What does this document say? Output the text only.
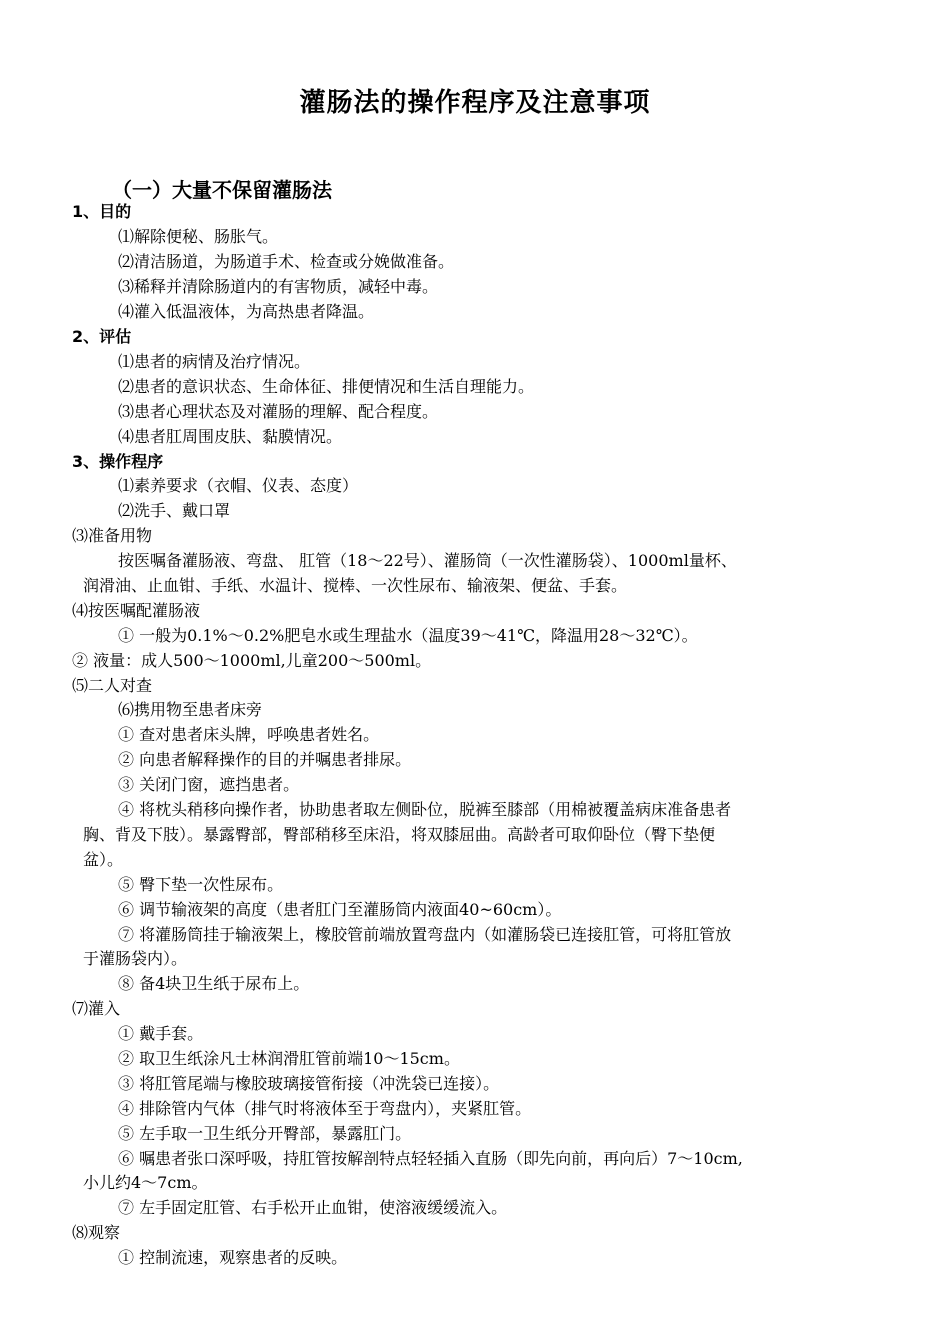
灌肠法的操作程序及注意事项
（一）大量不保留灌肠法

1、目的

⑴解除便秘、肠胀气。

⑵清洁肠道，为肠道手术、检查或分娩做准备。

⑶稀释并清除肠道内的有害物质，减轻中毒。

⑷灌入低温液体，为高热患者降温。

2、评估

⑴患者的病情及治疗情况。

⑵患者的意识状态、生命体征、排便情况和生活自理能力。

⑶患者心理状态及对灌肠的理解、配合程度。

⑷患者肛周围皮肤、黏膜情况。

3、操作程序

⑴素养要求（衣帽、仪表、态度）

⑵洗手、戴口罩

⑶准备用物

按医嘱备灌肠液、弯盘、 肛管（18～22号）、灌肠筒（一次性灌肠袋）、1000ml量杯、

润滑油、止血钳、手纸、水温计、搅棒、一次性尿布、输液架、便盆、手套。

⑷按医嘱配灌肠液

① 一般为0.1%～0.2%肥皂水或生理盐水（温度39～41℃，降温用28～32℃）。

② 液量：成人500～1000ml,儿童200～500ml。

⑸二人对查

⑹携用物至患者床旁

① 查对患者床头牌，呼唤患者姓名。

② 向患者解释操作的目的并嘱患者排尿。

③ 关闭门窗，遮挡患者。

④ 将枕头稍移向操作者，协助患者取左侧卧位，脱裤至膝部（用棉被覆盖病床准备患者

胸、背及下肢）。暴露臀部，臀部稍移至床沿，将双膝屈曲。高龄者可取仰卧位（臀下垫便

盆）。

⑤ 臀下垫一次性尿布。

⑥ 调节输液架的高度（患者肛门至灌肠筒内液面40~60cm）。

⑦ 将灌肠筒挂于输液架上，橡胶管前端放置弯盘内（如灌肠袋已连接肛管，可将肛管放

于灌肠袋内）。

⑧ 备4块卫生纸于尿布上。

⑺灌入

① 戴手套。

② 取卫生纸涂凡士林润滑肛管前端10～15cm。

③ 将肛管尾端与橡胶玻璃接管衔接（冲洗袋已连接）。

④ 排除管内气体（排气时将液体至于弯盘内），夹紧肛管。

⑤ 左手取一卫生纸分开臀部，暴露肛门。

⑥ 嘱患者张口深呼吸，持肛管按解剖特点轻轻插入直肠（即先向前，再向后）7～10cm,

小儿约4～7cm。

⑦ 左手固定肛管、右手松开止血钳，使溶液缓缓流入。

⑻观察

① 控制流速，观察患者的反映。
